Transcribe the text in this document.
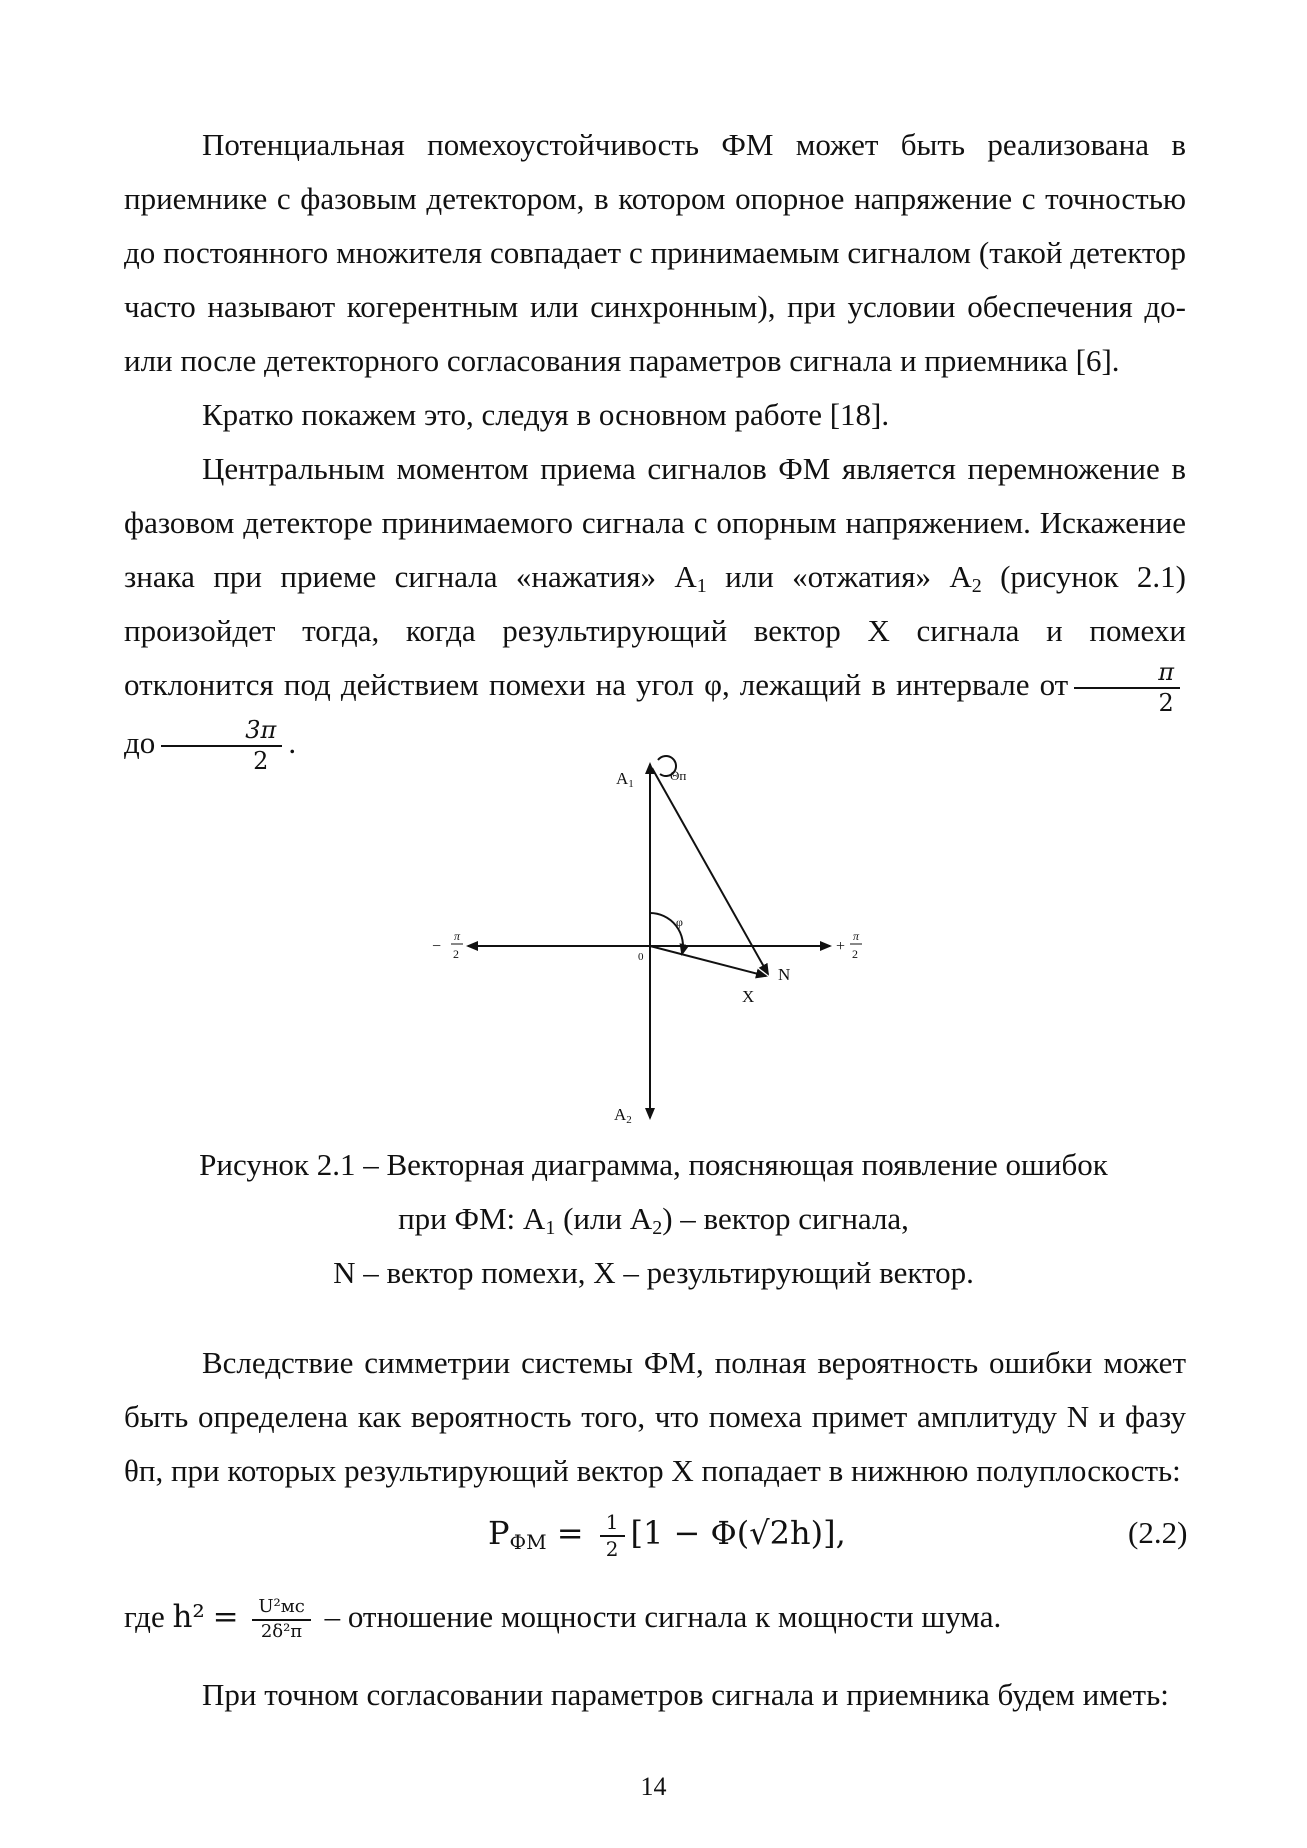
Потенциальная помехоустойчивость ФМ может быть реализована в приемнике с фазовым детектором, в котором опорное напряжение с точностью до постоянного множителя совпадает с принимаемым сигналом (такой детектор часто называют когерентным или синхронным), при условии обеспечения до- или после детекторного согласования параметров сигнала и приемника [6].

Кратко покажем это, следуя в основном работе [18].

Центральным моментом приема сигналов ФМ является перемножение в фазовом детекторе принимаемого сигнала с опорным напряжением. Искажение знака при приеме сигнала «нажатия» $A_1$ или «отжатия» $A_2$ (рисунок 2.1) произойдет тогда, когда результирующий вектор X сигнала и помехи отклонится под действием помехи на угол φ, лежащий в интервале от $\frac{\pi}{2}$
до $\frac{3\pi}{2}$ .

A1
Θп
φ
0
N
X
A2
−
π
2	+
π
2
Рисунок 2.1 – Векторная диаграмма, поясняющая появление ошибок
при ФМ: $A_1$ (или $A_2$) – вектор сигнала,
N – вектор помехи, X – результирующий вектор.
Вследствие симметрии системы ФМ, полная вероятность ошибки может
быть определена как вероятность того, что помеха примет амплитуду N и фазу
θп, при которых результирующий вектор X попадает в нижнюю полуплоскость:
$P_{ФМ} = \frac{1}{2} [1 - \Phi(√2h)]$,	(2.2)
где $h^2 = \frac{\text{U²мс}}{\text{2δ²п}}$ – отношение мощности сигнала к мощности шума.
При точном согласовании параметров сигнала и приемника будем иметь:
14
